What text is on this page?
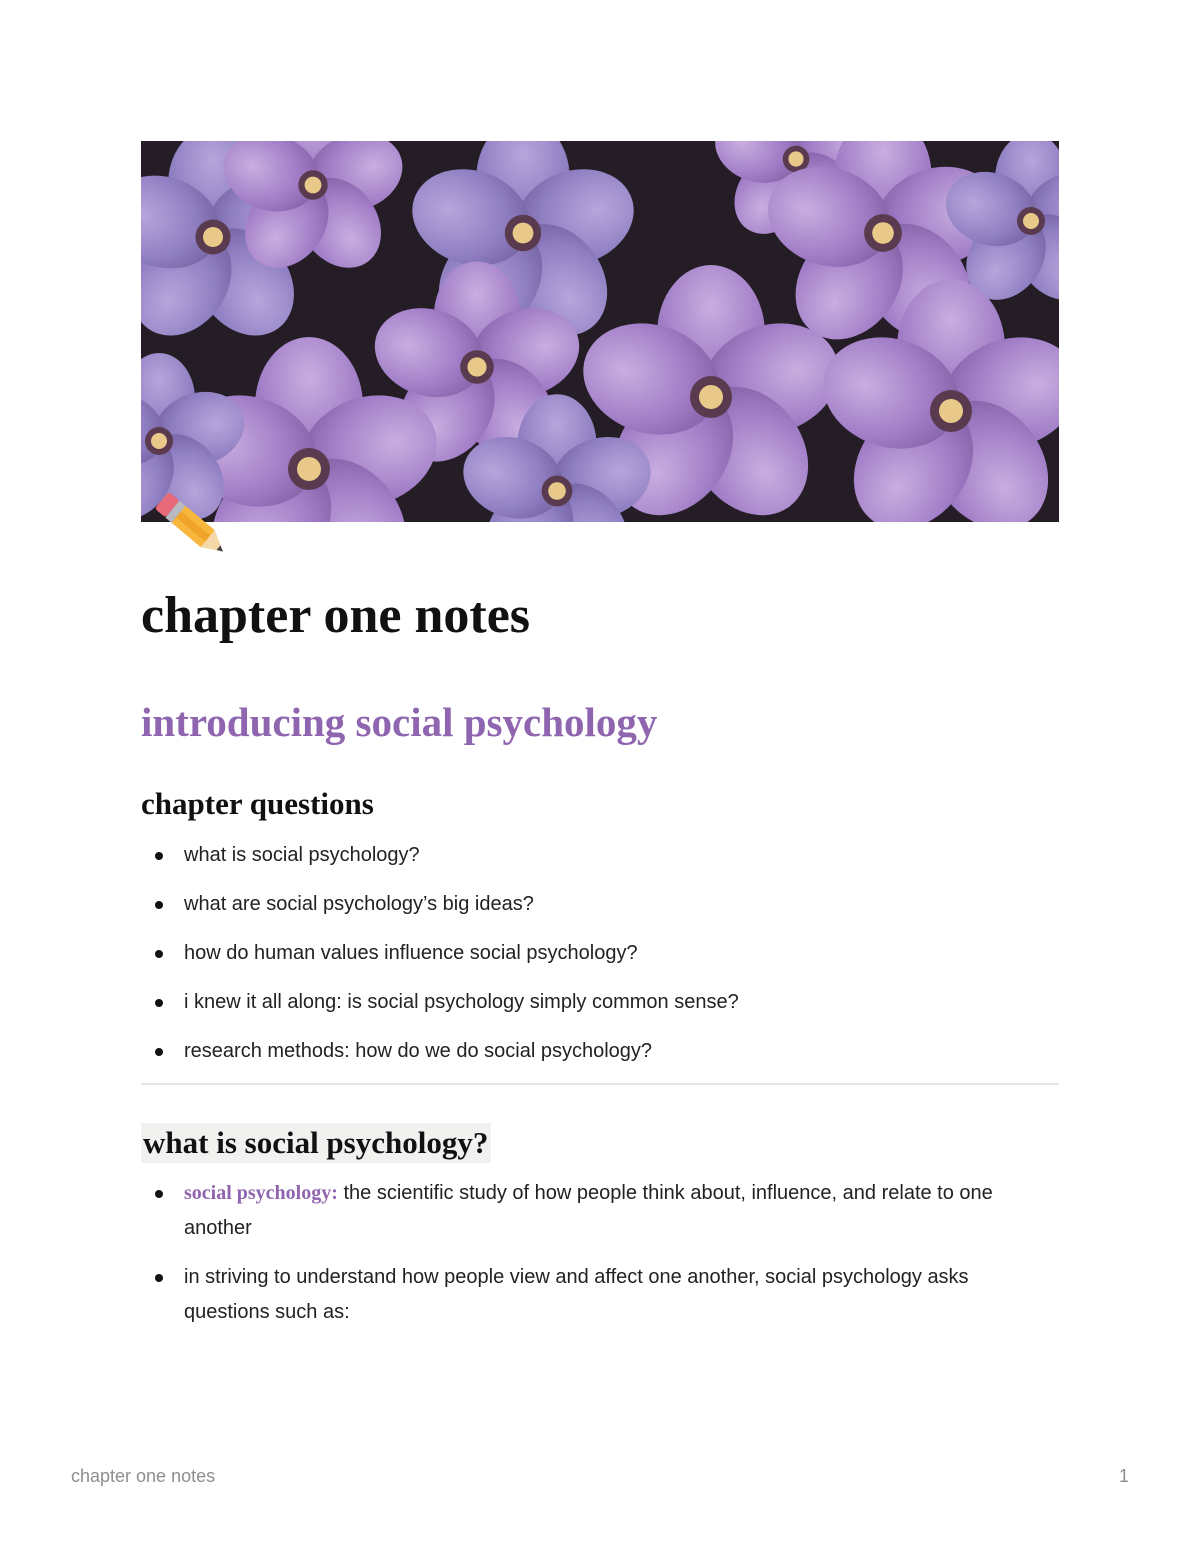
chapter one notes
introducing social psychology
chapter questions
what is social psychology?
what are social psychology’s big ideas?
how do human values influence social psychology?
i knew it all along: is social psychology simply common sense?
research methods: how do we do social psychology?
what is social psychology?
social psychology: the scientific study of how people think about, influence, and relate to one another
in striving to understand how people view and affect one another, social psychology asks questions such as:
chapter one notes	1
